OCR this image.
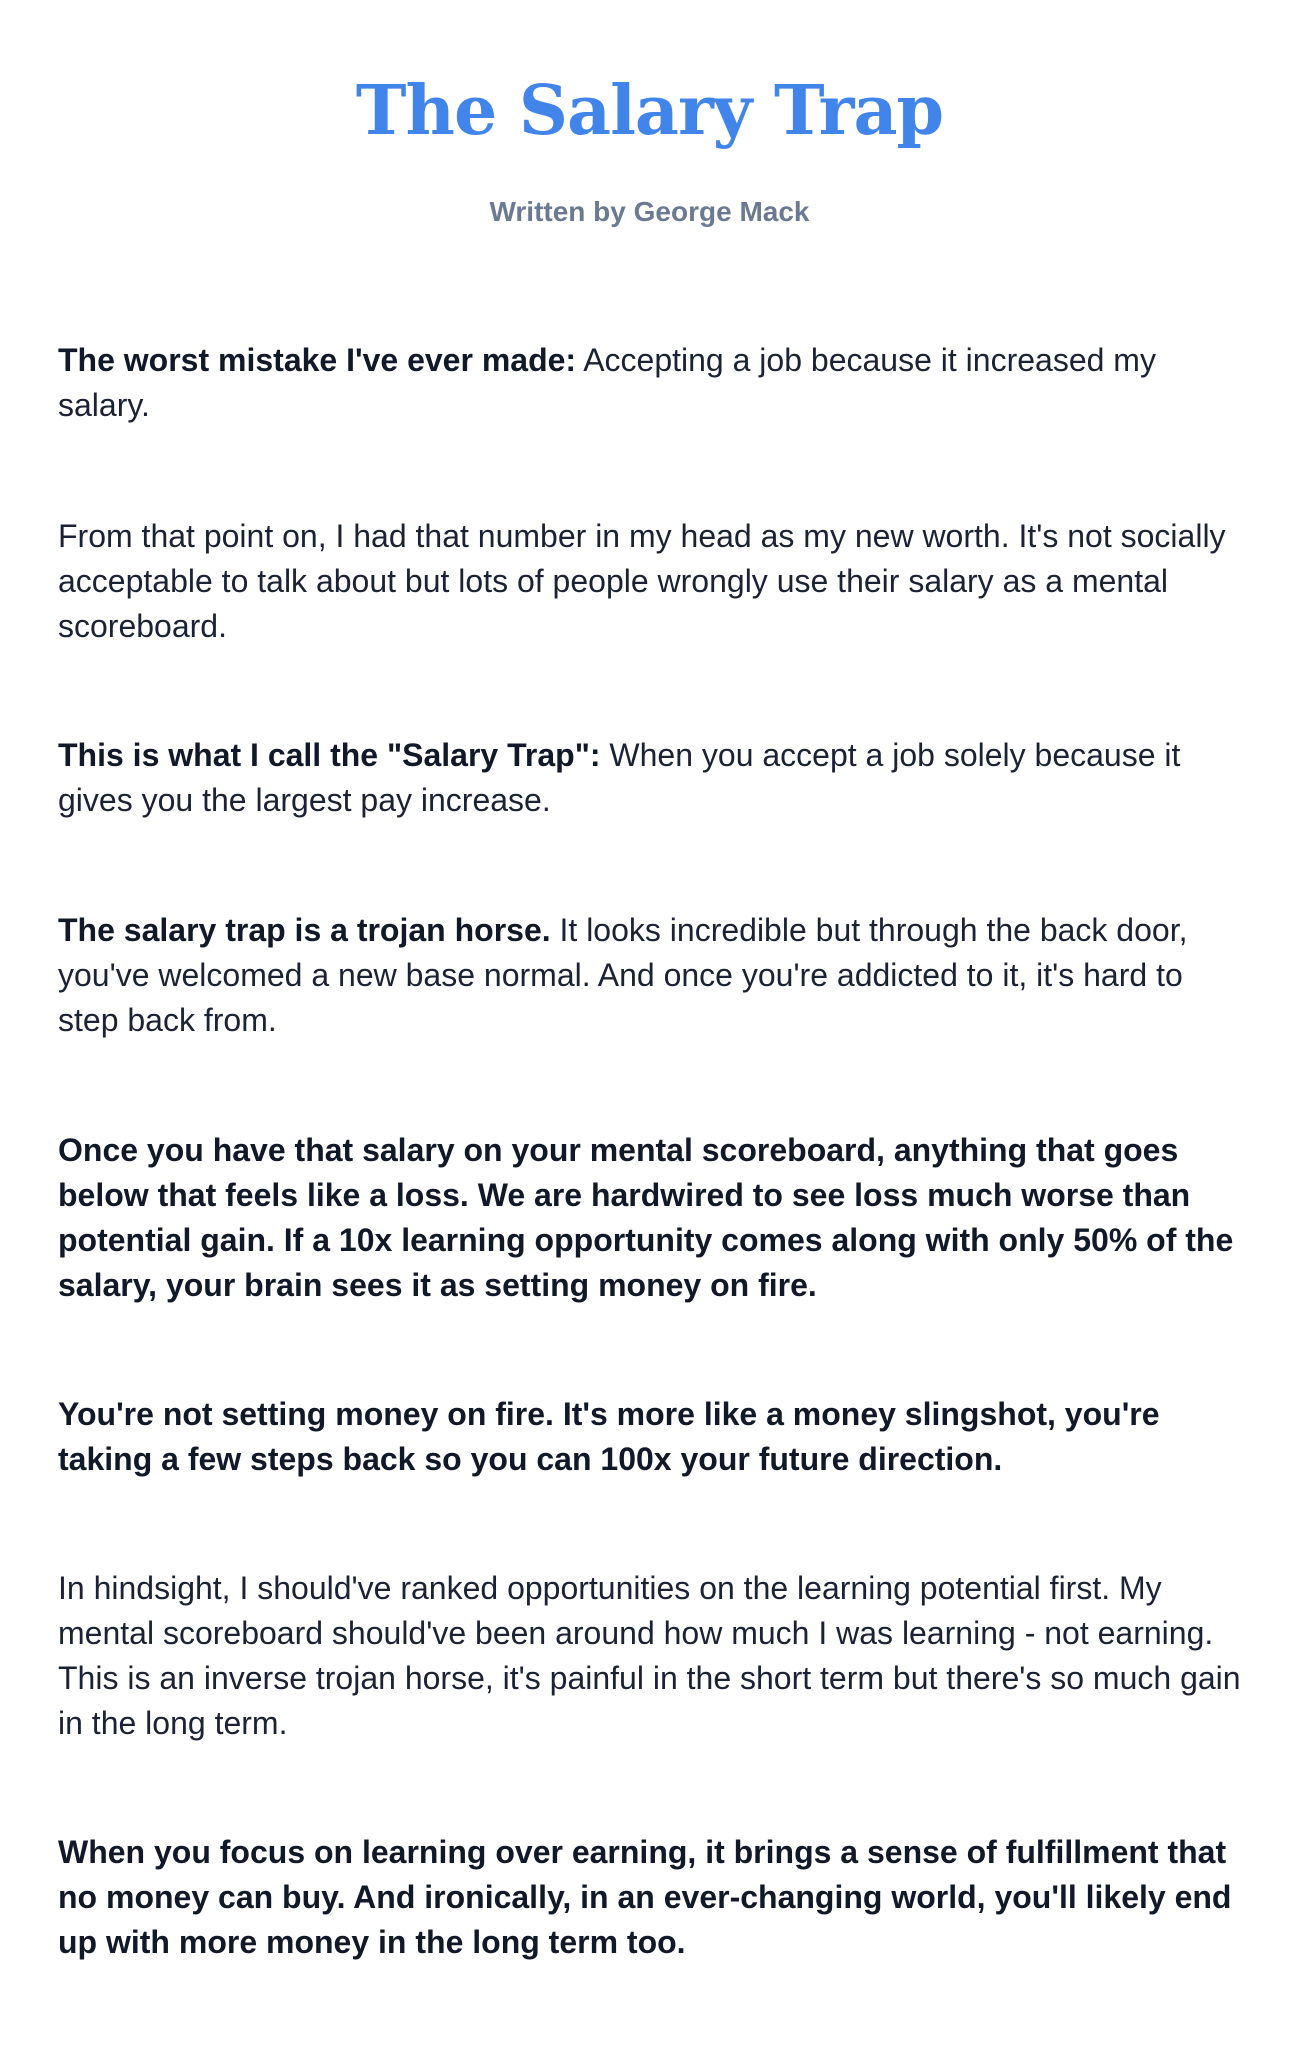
The Salary Trap

Written by George Mack

The worst mistake I've ever made: Accepting a job because it increased my salary.

From that point on, I had that number in my head as my new worth. It's not socially acceptable to talk about but lots of people wrongly use their salary as a mental scoreboard.

This is what I call the "Salary Trap": When you accept a job solely because it gives you the largest pay increase.

The salary trap is a trojan horse. It looks incredible but through the back door, you've welcomed a new base normal. And once you're addicted to it, it's hard to step back from.

Once you have that salary on your mental scoreboard, anything that goes below that feels like a loss. We are hardwired to see loss much worse than potential gain. If a 10x learning opportunity comes along with only 50% of the salary, your brain sees it as setting money on fire.

You're not setting money on fire. It's more like a money slingshot, you're taking a few steps back so you can 100x your future direction.

In hindsight, I should've ranked opportunities on the learning potential first. My mental scoreboard should've been around how much I was learning - not earning. This is an inverse trojan horse, it's painful in the short term but there's so much gain in the long term.

When you focus on learning over earning, it brings a sense of fulfillment that no money can buy. And ironically, in an ever-changing world, you'll likely end up with more money in the long term too.
